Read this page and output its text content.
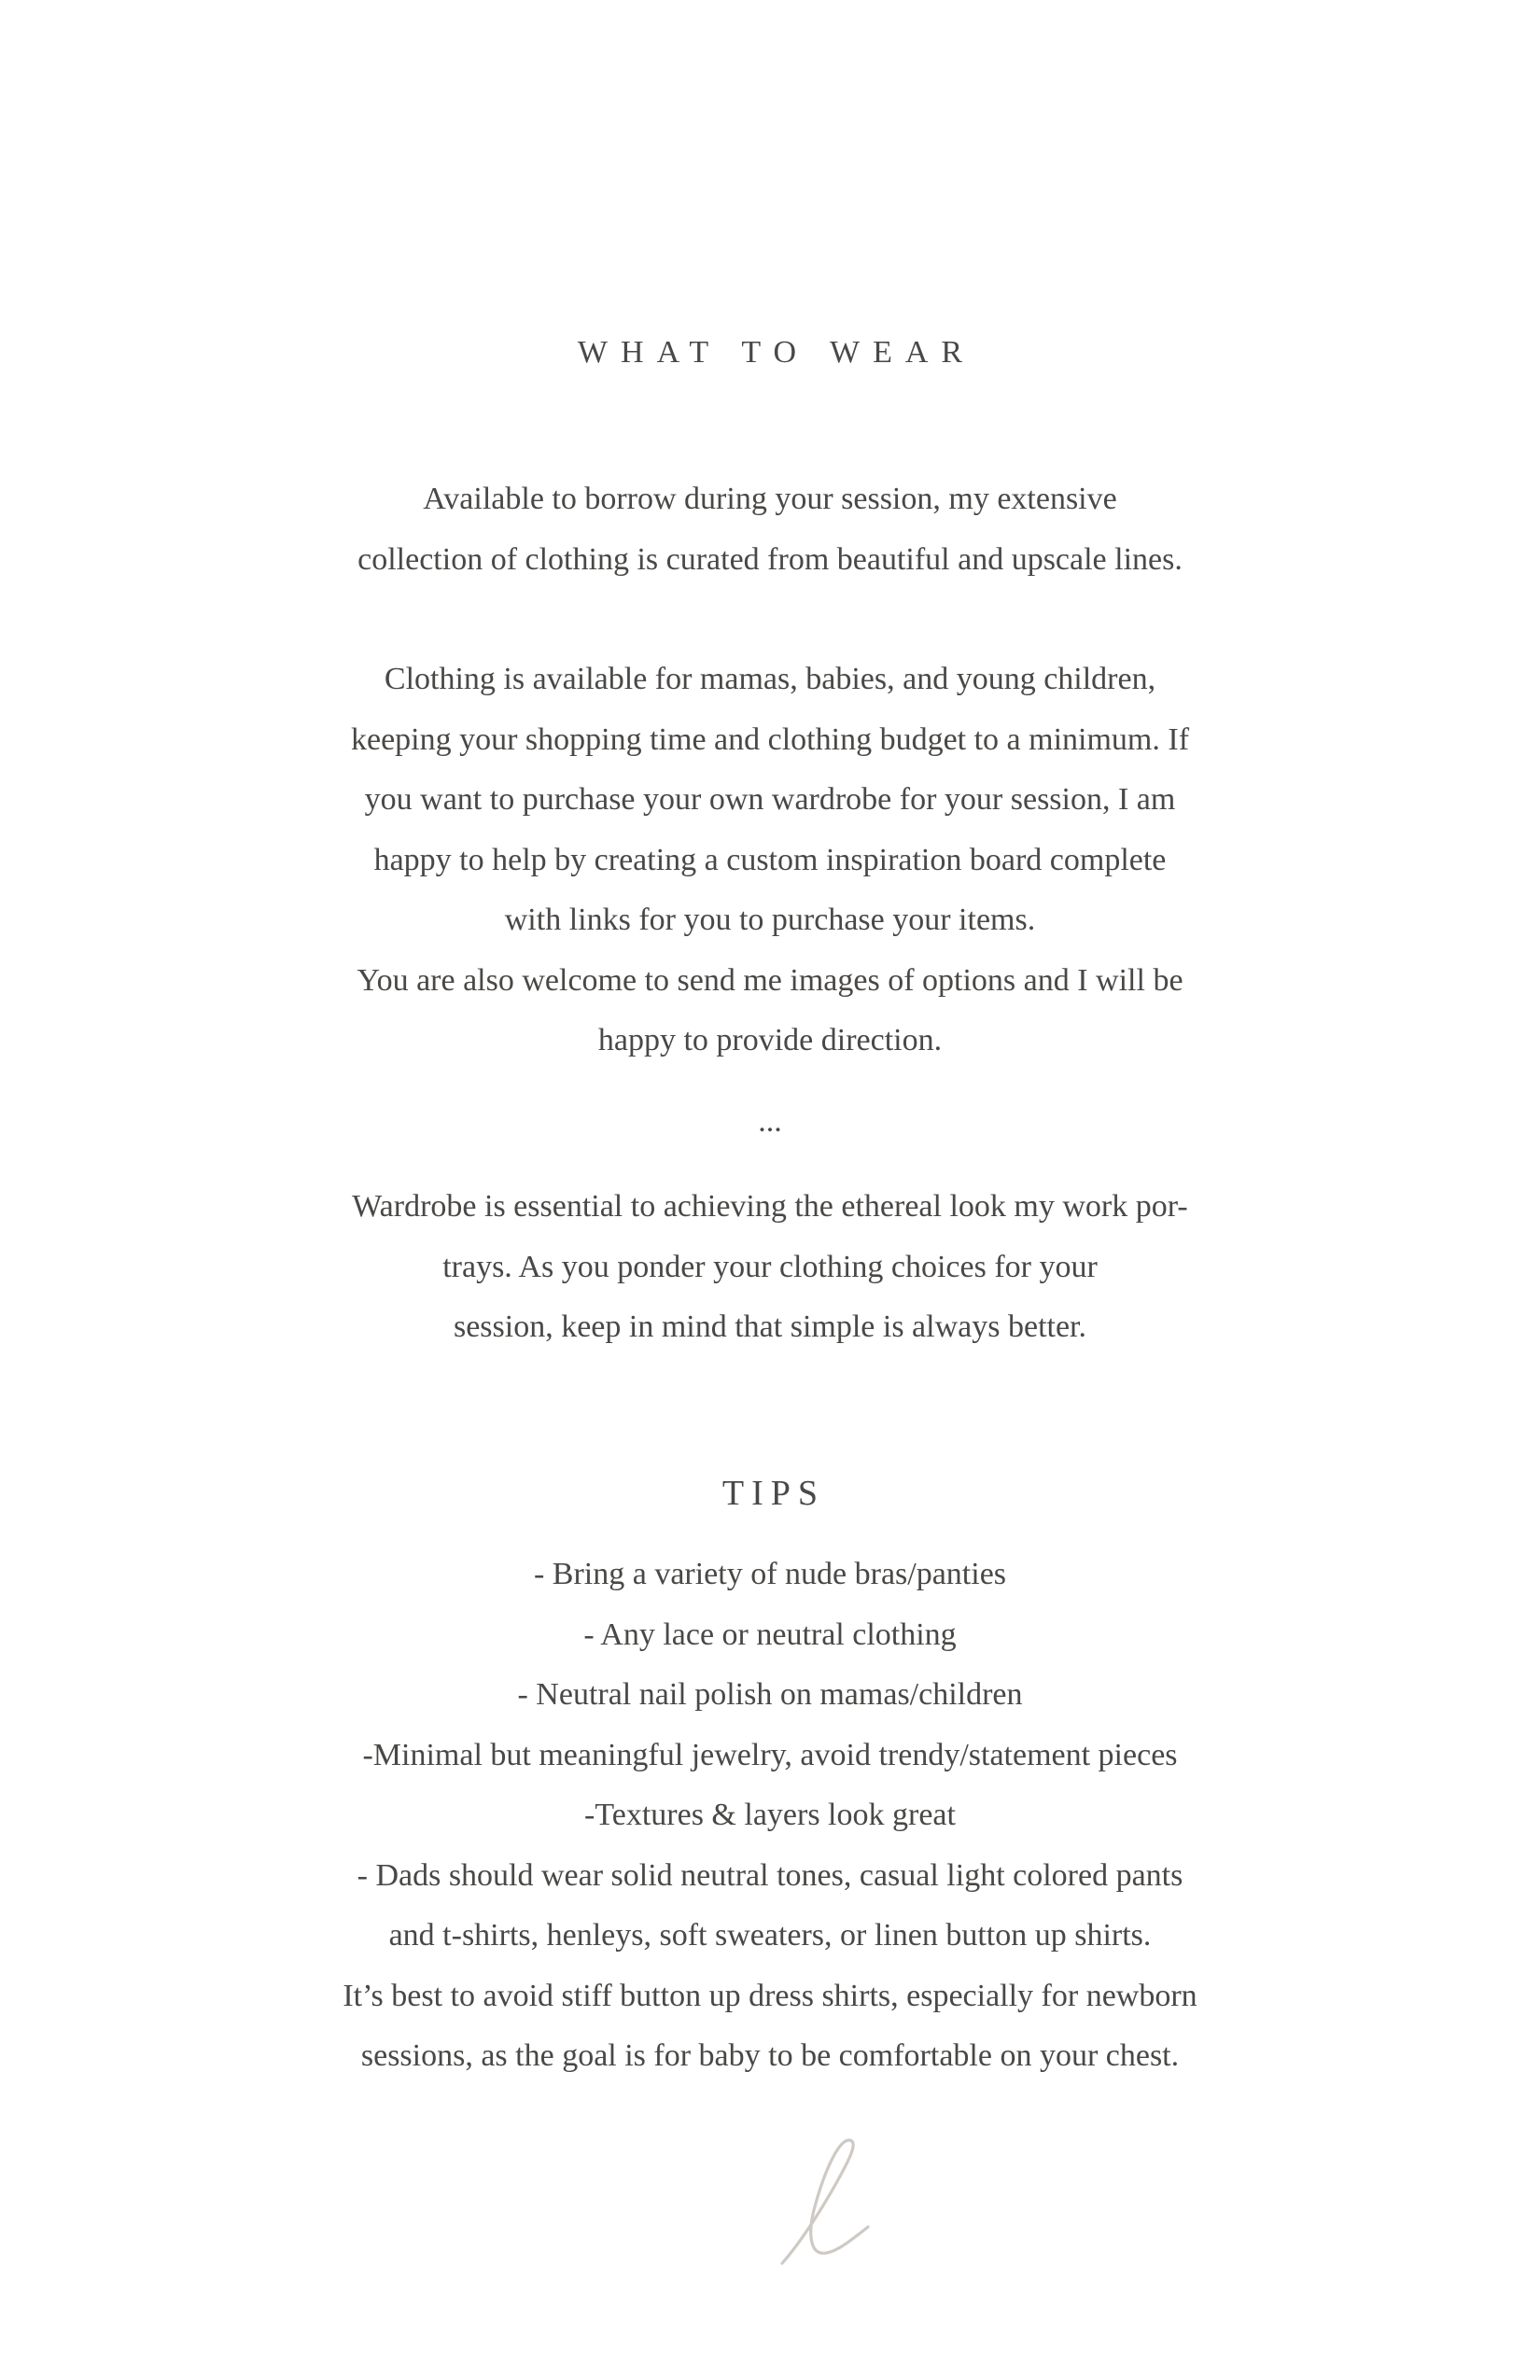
WHAT TO WEAR
Available to borrow during your session, my extensive
collection of clothing is curated from beautiful and upscale lines.
Clothing is available for mamas, babies, and young children,
keeping your shopping time and clothing budget to a minimum. If
you want to purchase your own wardrobe for your session, I am
happy to help by creating a custom inspiration board complete
with links for you to purchase your items.
You are also welcome to send me images of options and I will be
happy to provide direction.
...
Wardrobe is essential to achieving the ethereal look my work por-
trays. As you ponder your clothing choices for your
session, keep in mind that simple is always better.
TIPS
- Bring a variety of nude bras/panties
- Any lace or neutral clothing
- Neutral nail polish on mamas/children
-Minimal but meaningful jewelry, avoid trendy/statement pieces
-Textures & layers look great
- Dads should wear solid neutral tones, casual light colored pants
and t-shirts, henleys, soft sweaters, or linen button up shirts.
It’s best to avoid stiff button up dress shirts, especially for newborn
sessions, as the goal is for baby to be comfortable on your chest.
